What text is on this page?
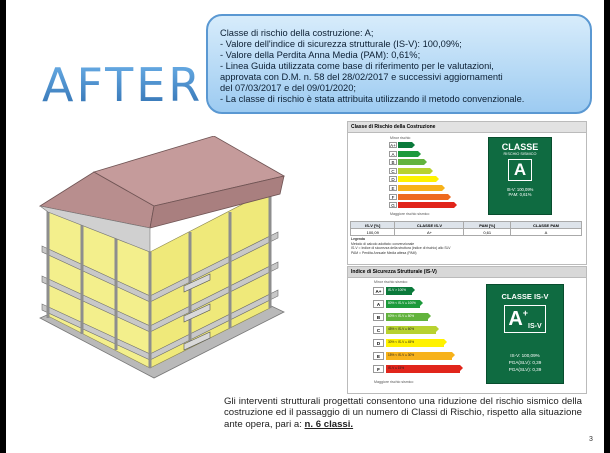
AFTER
Classe di rischio della costruzione: A;
- Valore dell'indice di sicurezza strutturale (IS-V): 100,09%;
- Valore della Perdita Anna Media (PAM): 0,61%;
- Linea Guida utilizzata come base di riferimento per le valutazioni,
approvata con D.M. n. 58 del 28/02/2017 e successivi aggiornamenti
del 07/03/2017 e del 09/01/2020;
- La classe di rischio è stata attribuita utilizzando il metodo convenzionale.
Classe di Rischio della Costruzione
Minor rischio
A+
A
B
C
D
E
F
G
Maggiore rischio sismico
CLASSE
RISCHIO SISMICO
A
IS-V: 100,09%
PAM: 0,61%
IS-V [%]	CLASSE IS-V	PAM [%]	CLASSE PAM
100,09	A+	0,61	A
Legenda
Metodo di calcolo adottato: convenzionale
IS-V = Indice di sicurezza della struttura (indice di rischio) allo SLV
PAM = Perdita Annuale Media attesa (PAM)
Indice di Sicurezza Strutturale (IS-V)
Minor rischio sismico
A+	IS-V > 100%
A	80% < IS-V ≤ 100%
B	60% < IS-V ≤ 80%
C	45% < IS-V ≤ 60%
D	30% < IS-V ≤ 45%
E	15% < IS-V ≤ 30%
F	IS-V ≤ 15%
Maggiore rischio sismico
CLASSE IS-V
A+IS-V
IS-V: 100,09%
PGA(SLV): 0,39
PGA(SLV): 0,39
Gli interventi strutturali progettati consentono una riduzione del rischio sismico della costruzione ed il passaggio di un numero di Classi di Rischio, rispetto alla situazione ante opera, pari a: n. 6 classi.
3
